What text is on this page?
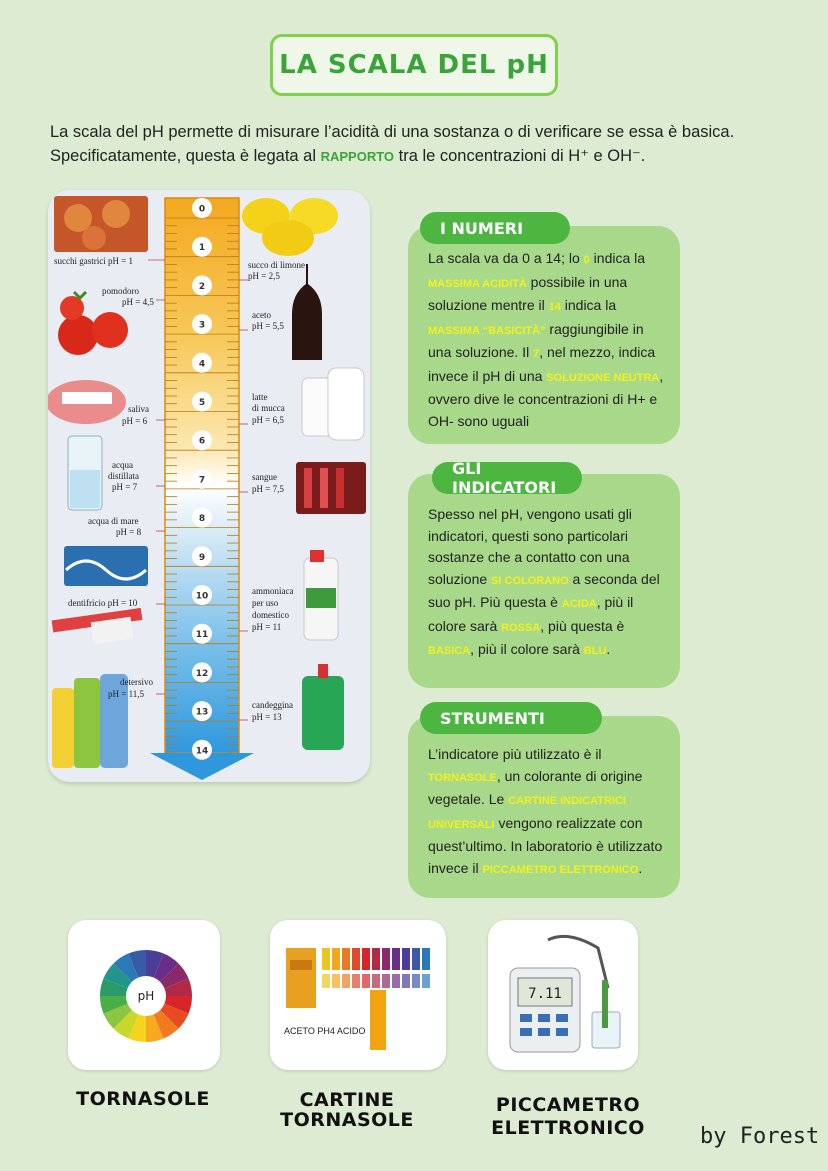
LA SCALA DEL pH

La scala del pH permette di misurare l’acidità di una sostanza o di verificare se essa è basica. Specificatamente, questa è legata al RAPPORTO tra le concentrazioni di H⁺ e OH⁻.

0
1
2
3
4
5
6
7
8
9
10
11
12
13
14
succhi gastrici pH = 1
pomodoro
pH = 4,5
saliva
pH = 6
acqua
distillata
pH = 7
acqua di mare
pH = 8
dentifricio pH = 10
detersivo
pH = 11,5
succo di limone
pH = 2,5
aceto
pH = 5,5
latte
di mucca
pH = 6,5
sangue
pH = 7,5
ammoniaca
per uso
domestico
pH = 11
candeggina
pH = 13
La scala va da 0 a 14; lo 0 indica la MASSIMA ACIDITÀ possibile in una soluzione mentre il 14 indica la MASSIMA “BASICITÀ” raggiungibile in una soluzione. Il 7, nel mezzo, indica invece il pH di una SOLUZIONE NEUTRA, ovvero dive le concentrazioni di H+ e OH- sono uguali
I NUMERI
Spesso nel pH, vengono usati gli indicatori, questi sono particolari sostanze che a contatto con una soluzione SI COLORANO a seconda del suo pH. Più questa è ACIDA, più il colore sarà ROSSA, più questa è BASICA, più il colore sarà BLU.
GLI INDICATORI
L’indicatore più utilizzato è il TORNASOLE, un colorante di origine vegetale. Le CARTINE INDICATRICI UNIVERSALI vengono realizzate con quest’ultimo. In laboratorio è utilizzato invece il PICCAMETRO ELETTRONICO.
STRUMENTI
pH
TORNASOLE
ACETO PH4 ACIDO
CARTINE
TORNASOLE
7.11
PICCAMETRO
ELETTRONICO	by Forest
